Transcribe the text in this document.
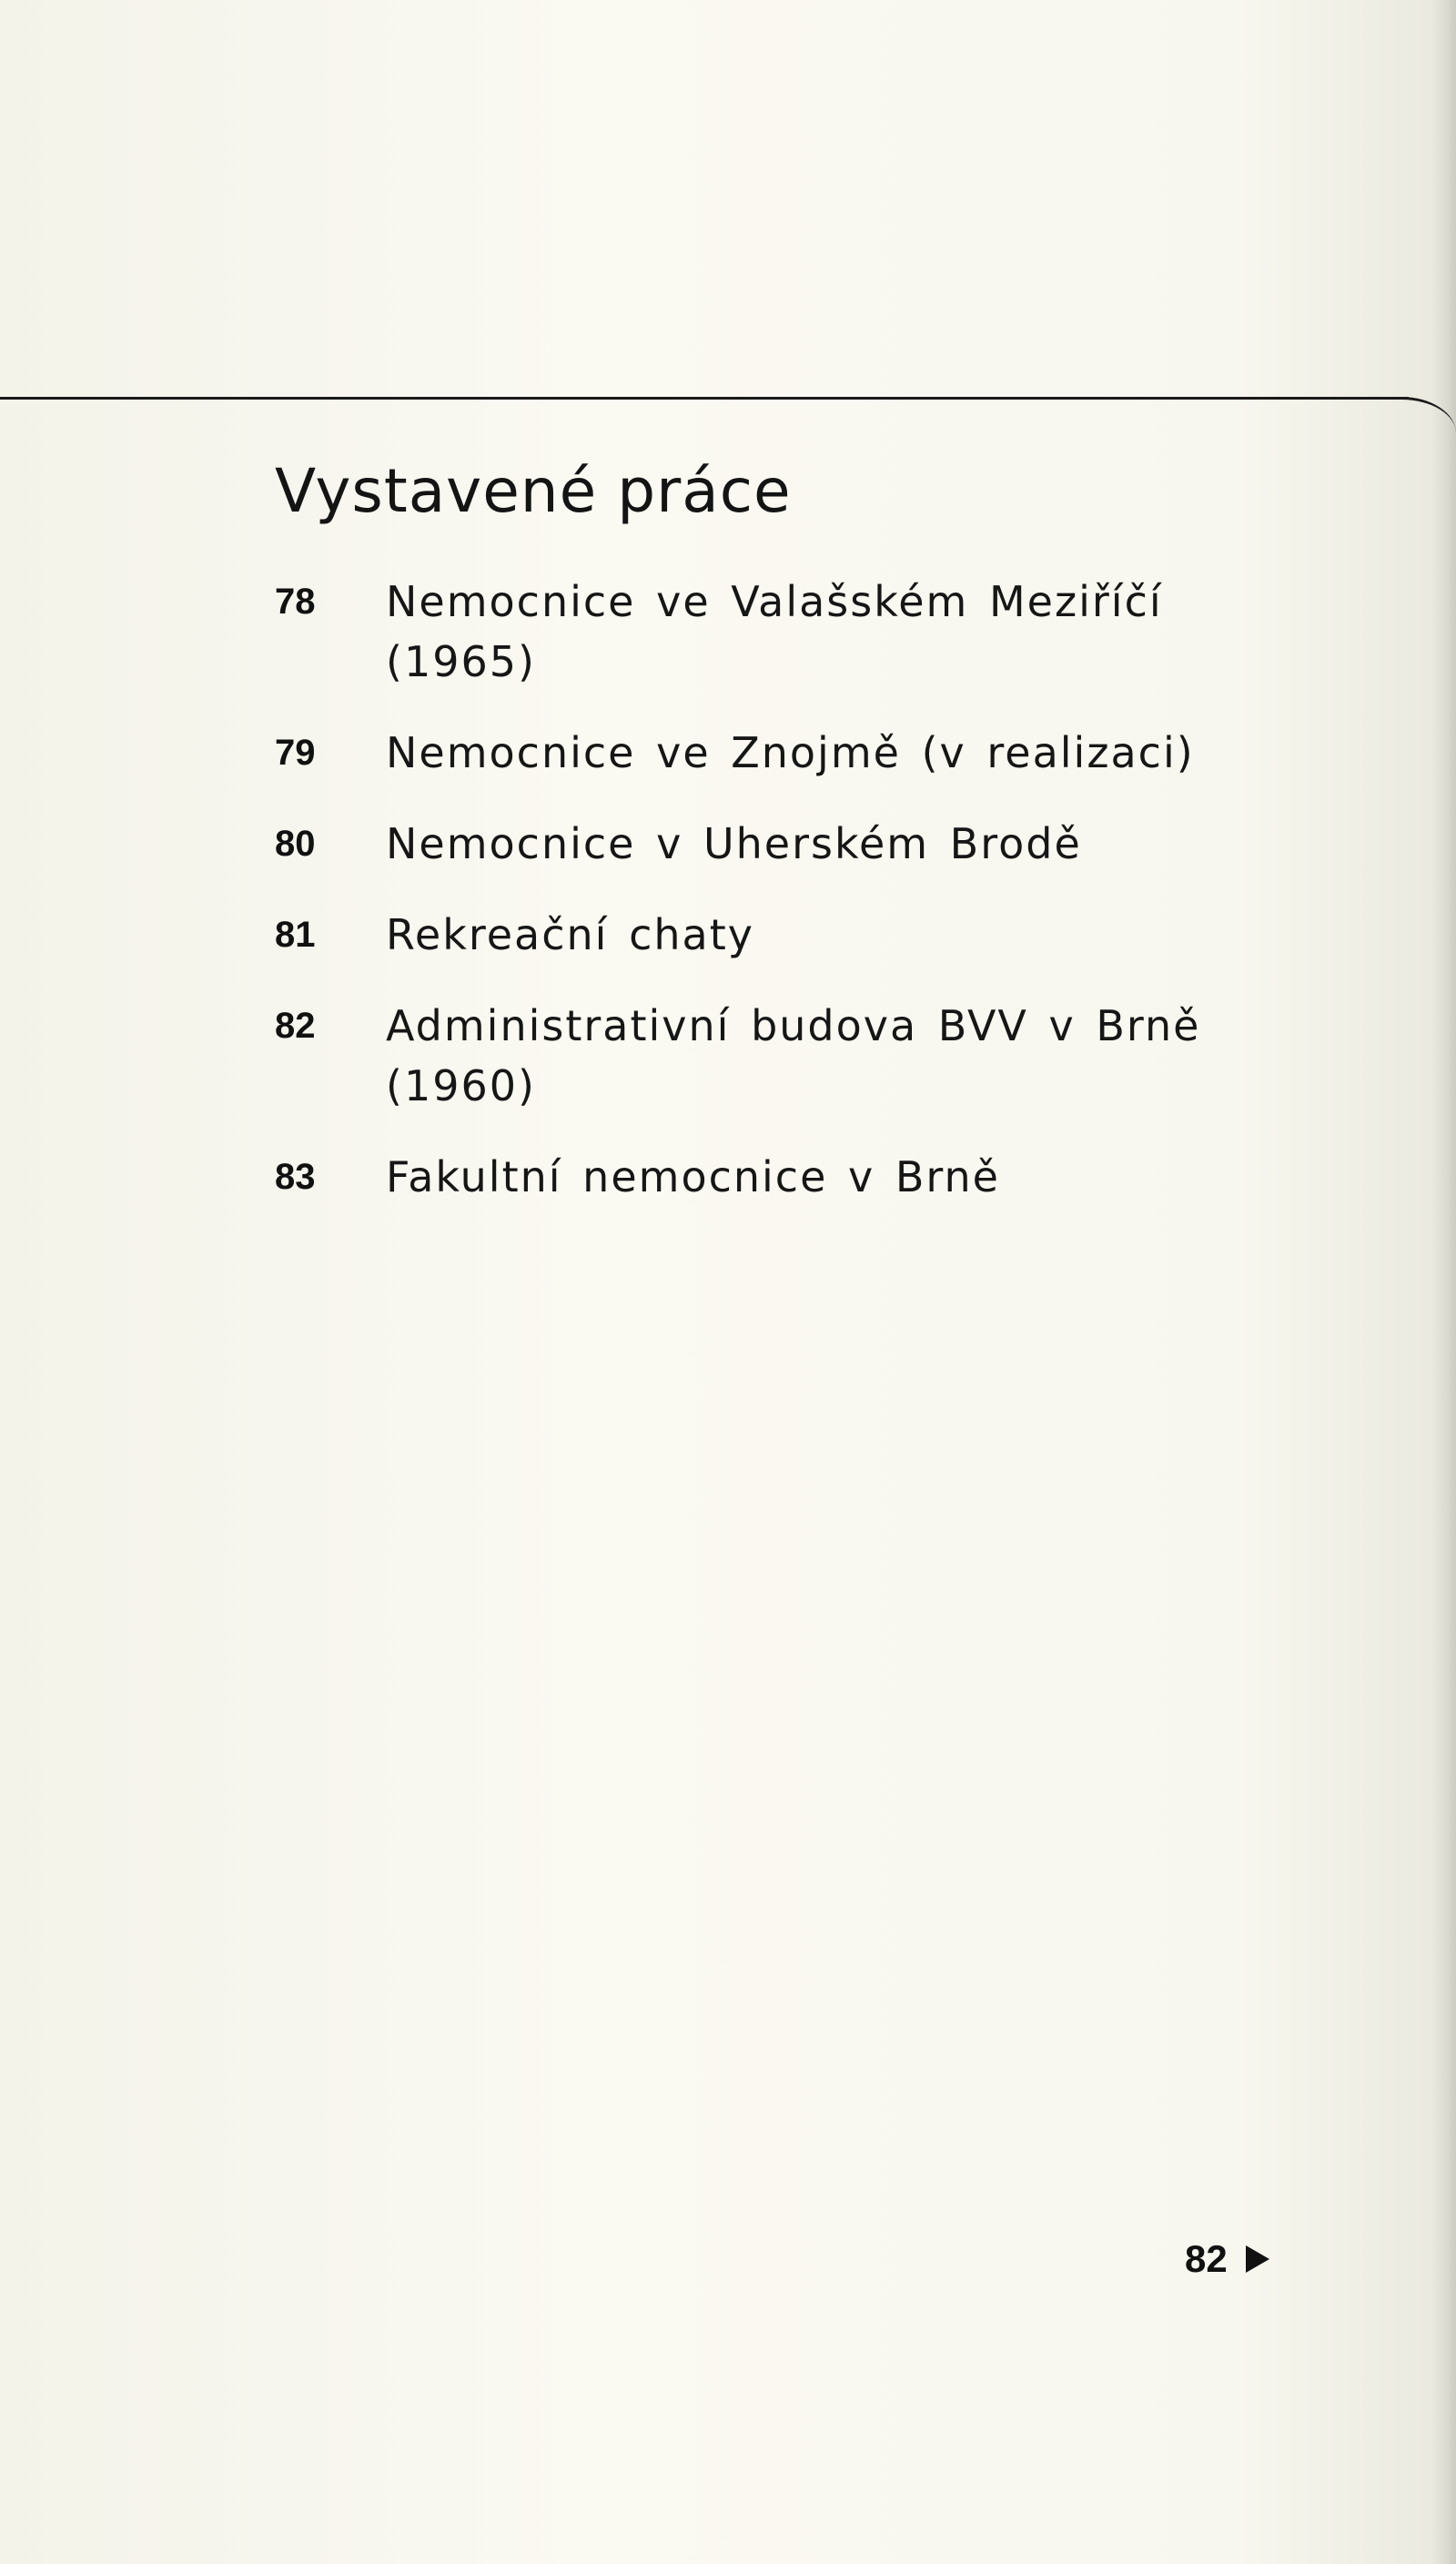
Vystavené práce
78	Nemocnice ve Valašském Meziříčí (1965)
79	Nemocnice ve Znojmě (v realizaci)
80	Nemocnice v Uherském Brodě
81	Rekreační chaty
82	Administrativní budova BVV v Brně (1960)
83	Fakultní nemocnice v Brně
82
